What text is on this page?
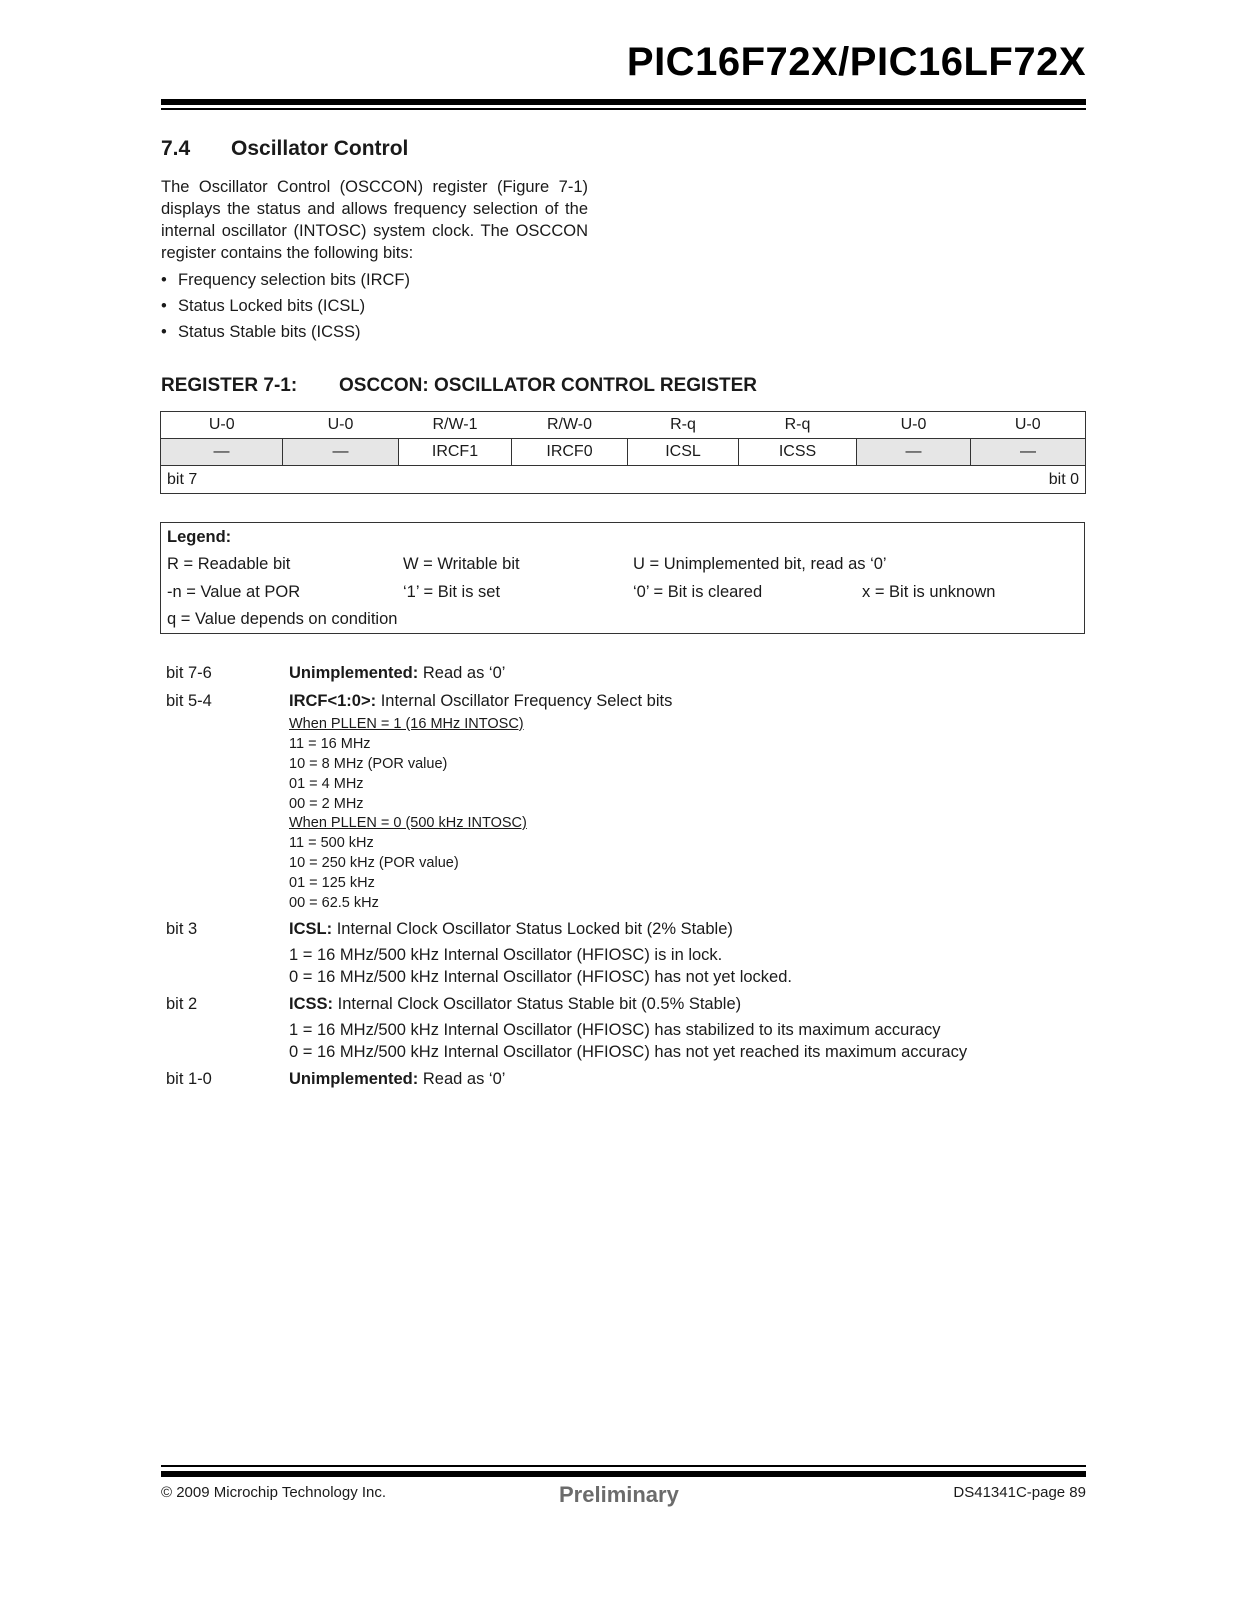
PIC16F72X/PIC16LF72X
7.4 Oscillator Control
The Oscillator Control (OSCCON) register (Figure 7-1) displays the status and allows frequency selection of the internal oscillator (INTOSC) system clock. The OSCCON register contains the following bits:
• Frequency selection bits (IRCF)
• Status Locked bits (ICSL)
• Status Stable bits (ICSS)
REGISTER 7-1: OSCCON: OSCILLATOR CONTROL REGISTER
U-0	U-0	R/W-1	R/W-0	R-q	R-q	U-0	U-0
—	—	IRCF1	IRCF0	ICSL	ICSS	—	—

bit 7 bit 0							
Legend:
R = Readable bit	W = Writable bit	U = Unimplemented bit, read as ‘0’
-n = Value at POR	‘1’ = Bit is set	‘0’ = Bit is cleared	x = Bit is unknown
q = Value depends on condition
bit 7-6	Unimplemented: Read as ‘0’
bit 5-4	IRCF<1:0>: Internal Oscillator Frequency Select bits
When PLLEN = 1 (16 MHz INTOSC)
11 = 16 MHz
10 = 8 MHz (POR value)
01 = 4 MHz
00 = 2 MHz
When PLLEN = 0 (500 kHz INTOSC)
11 = 500 kHz
10 = 250 kHz (POR value)
01 = 125 kHz
00 = 62.5 kHz
bit 3	ICSL: Internal Clock Oscillator Status Locked bit (2% Stable)
1 = 16 MHz/500 kHz Internal Oscillator (HFIOSC) is in lock.
0 = 16 MHz/500 kHz Internal Oscillator (HFIOSC) has not yet locked.
bit 2	ICSS: Internal Clock Oscillator Status Stable bit (0.5% Stable)
1 = 16 MHz/500 kHz Internal Oscillator (HFIOSC) has stabilized to its maximum accuracy
0 = 16 MHz/500 kHz Internal Oscillator (HFIOSC) has not yet reached its maximum accuracy
bit 1-0	Unimplemented: Read as ‘0’
© 2009 Microchip Technology Inc.	Preliminary	DS41341C-page 89
